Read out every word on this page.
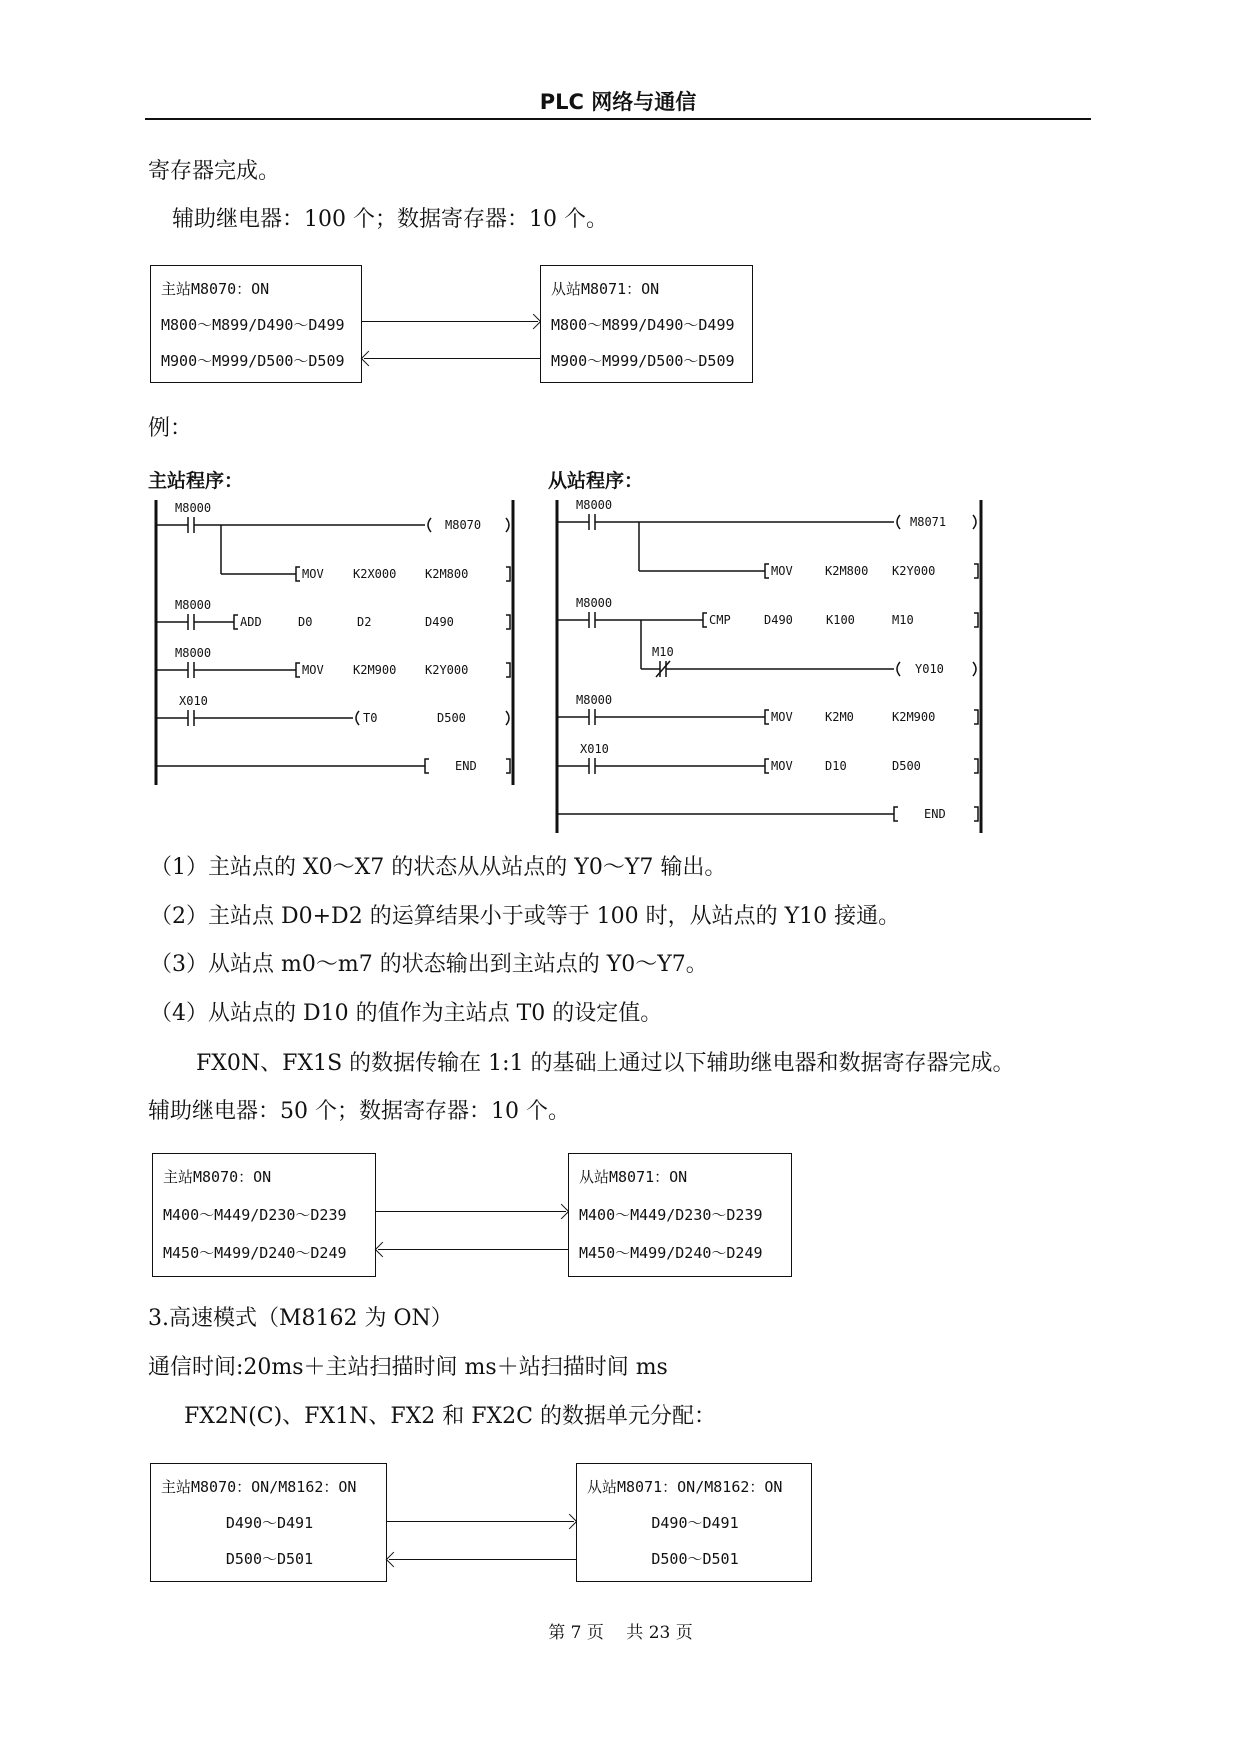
PLC 网络与通信
寄存器完成。
辅助继电器：100 个；数据寄存器：10 个。
主站M8070：ON
M800～M899/D490～D499
M900～M999/D500～D509
从站M8071：ON
M800～M899/D490～D499
M900～M999/D500～D509
例：
主站程序：	从站程序：
M8000
M8070
MOV K2X000 K2M800
M8000
ADD	D0	D2	D490
M8000
MOV K2M900 K2Y000
X010
T0	D500
END
M8000
M8071
MOV	K2M800 K2Y000
M8000
CMP	D490	K100	M10
M10
Y010
M8000
MOV	K2M0	K2M900
X010
MOV	D10	D500
END
（1）主站点的 X0～X7 的状态从从站点的 Y0～Y7 输出。
（2）主站点 D0+D2 的运算结果小于或等于 100 时，从站点的 Y10 接通。
（3）从站点 m0～m7 的状态输出到主站点的 Y0～Y7。
（4）从站点的 D10 的值作为主站点 T0 的设定值。
FX0N、FX1S 的数据传输在 1:1 的基础上通过以下辅助继电器和数据寄存器完成。
辅助继电器：50 个；数据寄存器：10 个。
主站M8070：ON
M400～M449/D230～D239
M450～M499/D240～D249
从站M8071：ON
M400～M449/D230～D239
M450～M499/D240～D249
3.高速模式（M8162 为 ON）
通信时间:20ms＋主站扫描时间 ms＋站扫描时间 ms
FX2N(C)、FX1N、FX2 和 FX2C 的数据单元分配：
主站M8070：ON/M8162：ON
D490～D491
D500～D501
从站M8071：ON/M8162：ON
D490～D491
D500～D501
第 7 页　 共 23 页
